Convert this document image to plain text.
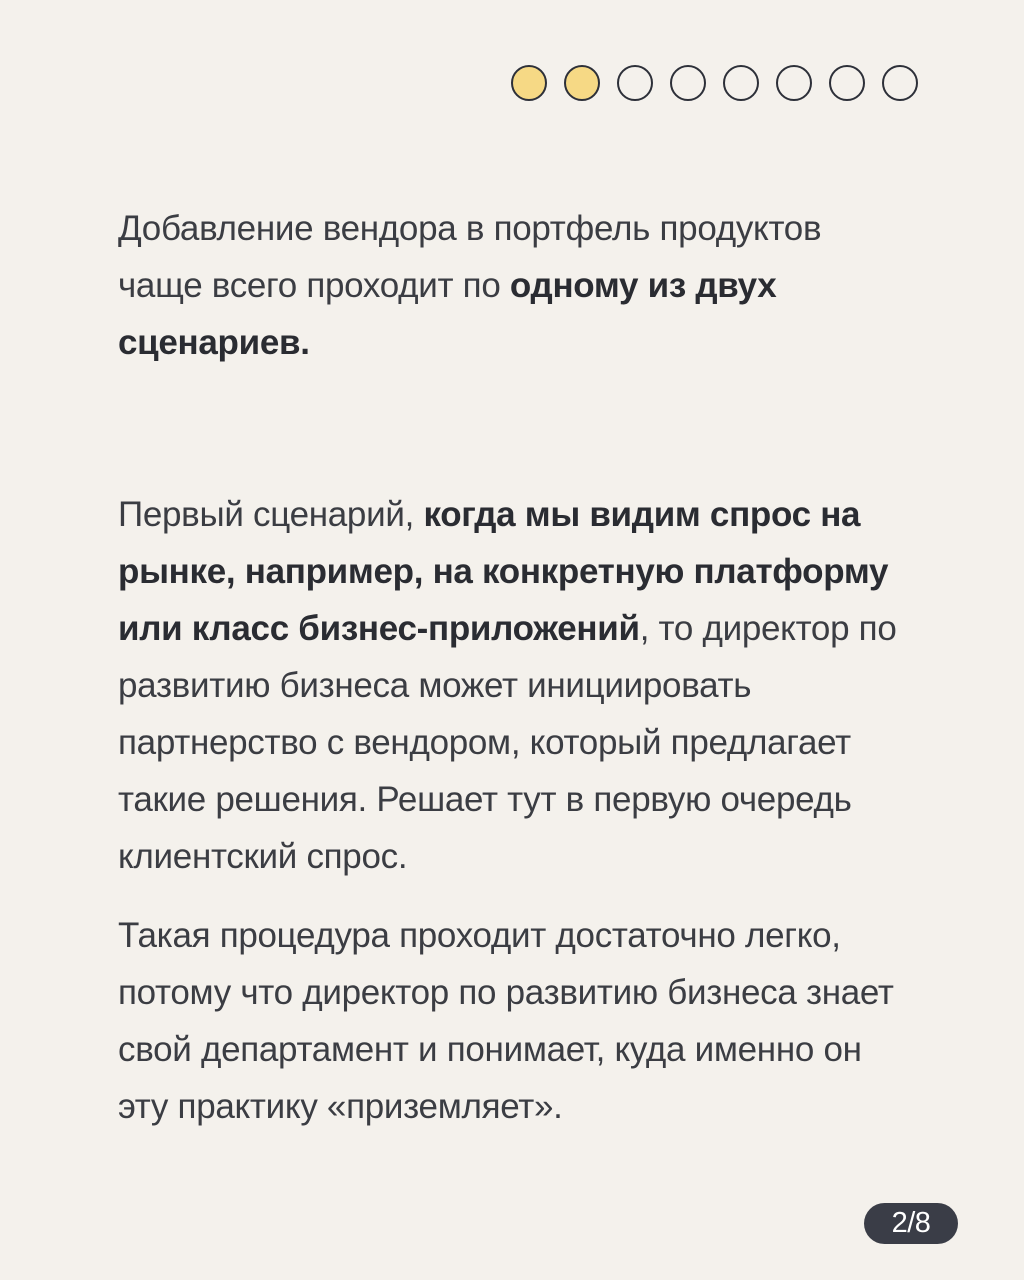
Добавление вендора в портфель продуктов чаще всего проходит по одному из двух сценариев.

Первый сценарий, когда мы видим спрос на рынке, например, на конкретную платформу или класс бизнес-приложений, то директор по развитию бизнеса может инициировать партнерство с вендором, который предлагает такие решения. Решает тут в первую очередь клиентский спрос.

Такая процедура проходит достаточно легко, потому что директор по развитию бизнеса знает свой департамент и понимает, куда именно он эту практику «приземляет».

2/8
